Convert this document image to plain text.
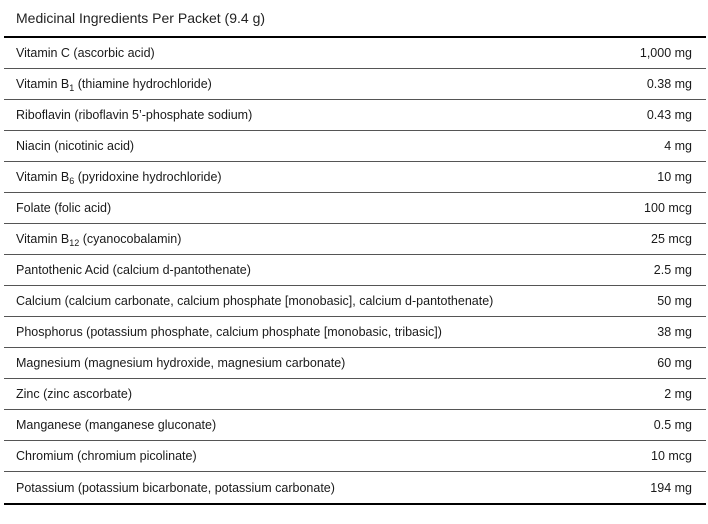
Medicinal Ingredients Per Packet (9.4 g)
Vitamin C (ascorbic acid)	1,000 mg
Vitamin $B_1$ (thiamine hydrochloride)	0.38 mg
Riboflavin (riboflavin 5’-phosphate sodium)	0.43 mg
Niacin (nicotinic acid)	4 mg
Vitamin $B_6$ (pyridoxine hydrochloride)	10 mg
Folate (folic acid)	100 mcg
Vitamin $B_{12}$ (cyanocobalamin)	25 mcg
Pantothenic Acid (calcium d-pantothenate)	2.5 mg
Calcium (calcium carbonate, calcium phosphate [monobasic], calcium d-pantothenate)	50 mg
Phosphorus (potassium phosphate, calcium phosphate [monobasic, tribasic])	38 mg
Magnesium (magnesium hydroxide, magnesium carbonate)	60 mg
Zinc (zinc ascorbate)	2 mg
Manganese (manganese gluconate)	0.5 mg
Chromium (chromium picolinate)	10 mcg
Potassium (potassium bicarbonate, potassium carbonate)	194 mg
